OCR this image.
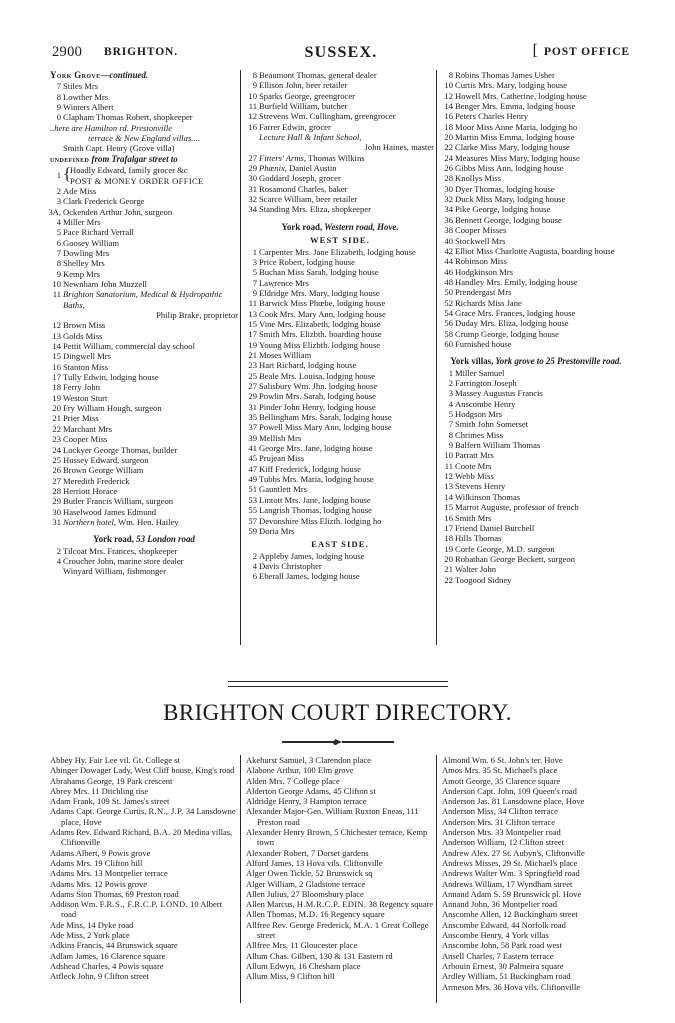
2900 BRIGHTON.	SUSSEX.	[ POST OFFICE
York Grove—continued.
7 Stiles Mrs
8 Lowther Mrs
9 Winters Albert
0 Clapham Thomas Robert, shopkeeper
..here are Hamilton rd. Prestonville
terrace & New England villas....
Smith Capt. Henry (Grove villa)
undefined from Trafalgar street to
1 {
Hoadly Edward, family grocer &c
POST & MONEY ORDER OFFICE
2 Ade Miss
3 Clark Frederick George
3A, Ockenden Arthur John, surgeon
4 Miller Mrs
5 Pace Richard Verrall
6 Goosey William
7 Dowling Mrs
8 Shelley Mrs
9 Kemp Mrs
10 Newnham John Muzzell
11 Brighton Sanatorium, Medical & Hydropathic Baths,
Philip Brake, proprietor
12 Brown Miss
13 Golds Miss
14 Pettit William, commercial day school
15 Dingwell Mrs
16 Stanton Miss
17 Tully Edwin, lodging house
18 Ferry John
19 Weston Sturt
20 Fry William Hough, surgeon
21 Prier Miss
22 Marchant Mrs
23 Cooper Miss
24 Lockyer George Thomas, builder
25 Hussey Edward, surgeon
26 Brown George William
27 Meredith Frederick
28 Herriott Horace
29 Butler Francis William, surgeon
30 Haselwood James Edmund
31 Northern hotel, Wm. Hen. Hailey
York road, 53 London road
2 Tilcoat Mrs. Frances, shopkeeper
4 Croucher John, marine store dealer
Winyard William, fishmonger
8 Beaumont Thomas, general dealer
9 Ellison John, beer retailer
10 Sparks George, greengrocer
11 Burfield William, butcher
12 Strevens Wm. Cullingham, greengrocer
16 Farrer Edwin, grocer
Lecture Hall & Infant School,
John Haines, master
27 Fitters' Arms, Thomas Wilkins
29 Phœnix, Daniel Austin
30 Goddard Joseph, grocer
31 Rosamond Charles, baker
32 Scarce William, beer retailer
34 Standing Mrs. Eliza, shopkeeper
York road, Western road, Hove.
WEST SIDE.
1 Carpenter Mrs. Jane Elizabeth, lodging house
3 Price Robert, lodging house
5 Buchan Miss Sarah, lodging house
7 Lawrence Mrs
9 Eldridge Mrs. Mary, lodging house
11 Barwick Miss Phœbe, lodging house
13 Cook Mrs. Mary Ann, lodging house
15 Vine Mrs. Elizabeth, lodging house
17 Smith Mrs. Elizbth. boarding house
19 Young Miss Elizbth. lodging house
21 Moses William
23 Hart Richard, lodging house
25 Beale Mrs. Louisa, lodging house
27 Salisbury Wm. Jhn. lodging house
29 Powlin Mrs. Sarah, lodging house
31 Pinder John Henry, lodging house
35 Bellingham Mrs. Sarah, lodging house
37 Powell Miss Mary Ann, lodging house
39 Mellish Mrs
41 George Mrs. Jane, lodging house
45 Prujean Miss
47 Kiff Frederick, lodging house
49 Tubbs Mrs. Maria, lodging house
51 Gauntlett Mrs
53 Lintott Mrs. Jane, lodging house
55 Langrish Thomas, lodging house
57 Devonshire Miss Elizth. lodging ho
59 Doria Mrs
EAST SIDE.
2 Appleby James, lodging house
4 Davis Christopher
6 Eberall James, lodging house
8 Robins Thomas James Usher
10 Curtis Mrs. Mary, lodging house
12 Howell Mrs. Catherine, lodging house
14 Benger Mrs. Emma, lodging house
16 Peters Charles Henry
18 Moor Miss Anne Maria, lodging ho
20 Martin Miss Emma, lodging house
22 Clarke Miss Mary, lodging house
24 Measures Miss Mary, lodging house
26 Gibbs Miss Ann, lodging house
28 Knollys Miss
30 Dyer Thomas, lodging house
32 Duck Miss Mary, lodging house
34 Pike George, lodging house
36 Bennett George, lodging house
38 Cooper Misses
40 Stockwell Mrs
42 Elliot Miss Charlotte Augusta, boarding house
44 Robinson Miss
46 Hodgkinson Mrs
48 Handley Mrs. Emily, lodging house
50 Prendergast Mrs
52 Richards Miss Jane
54 Grace Mrs. Frances, lodging house
56 Duday Mrs. Eliza, lodging house
58 Crump George, lodging house
60 Furnished house
York villas, York grove to 25 Prestonville road.
1 Miller Samuel
2 Farrington Joseph
3 Massey Augustus Francis
4 Anscombe Henry
5 Hodgson Mrs
7 Smith John Somerset
8 Chrimes Miss
9 Balfern William Thomas
10 Parratt Mrs
11 Coote Mrs
12 Webb Miss
13 Stevens Henry
14 Wilkinson Thomas
15 Marrot Auguste, professor of french
16 Smith Mrs
17 Friend Daniel Burchell
18 Hills Thomas
19 Corfe George, M.D. surgeon
20 Robathan George Beckett, surgeon
21 Walter John
22 Toogood Sidney
BRIGHTON COURT DIRECTORY.
Abbey Hy. Fair Lee vil. Gt. College st
Abinger Dowager Lady, West Cliff house, King's road
Abrahams George, 19 Park crescent
Abrey Mrs. 11 Ditchling rise
Adam Frank, 109 St. James's street
Adams Capt. George Curtis, R.N., J.P. 34 Lansdowne place, Hove
Adams Rev. Edward Richard, B.A. 20 Medina villas, Cliftonville
Adams Albert, 9 Powis grove
Adams Mrs. 19 Clifton hill
Adams Mrs. 13 Montpelier terrace
Adams Mrs. 12 Powis grove
Adams Sion Thomas, 69 Preston road
Addison Wm. F.R.S., F.R.C.P. LOND. 10 Albert road
Ade Miss, 14 Dyke road
Ade Miss, 2 York place
Adkins Francis, 44 Brunswick square
Adlam James, 16 Clarence square
Adshead Charles, 4 Powis square
Atfleck John, 9 Clifton street
Akehurst Samuel, 3 Clarendon place
Alabone Arthur, 100 Elm grove
Alden Mrs. 7 College place
Alderton George Adams, 45 Clifton st
Aldridge Henry, 3 Hampton terrace
Alexander Major-Gen. William Ruxton Eneas, 111 Preston road
Alexander Henry Brown, 5 Chichester terrace, Kemp town
Alexander Robert, 7 Dorset gardens
Alford James, 13 Hova vils. Cliftonville
Alger Owen Tickle, 52 Brunswick sq
Alger William, 2 Gladstone terrace
Allen Julius, 27 Bloomsbury place
Allen Marcus, H.M.R.C.P. EDIN. 38 Regency square
Allen Thomas, M.D. 16 Regency square
Allfree Rev. George Frederick, M.A. 1 Great College street
Allfree Mrs. 11 Gloucester place
Allum Chas. Gilbert, 130 & 131 Eastern rd
Allum Edwyn, 16 Chesham place
Allum Miss, 9 Clifton hill
Almond Wm. 6 St. John's ter. Hove
Amos Mrs. 35 St. Michael's place
Amott George, 35 Clarence square
Anderson Capt. John, 109 Queen's road
Anderson Jas. 81 Lansdowne place, Hove
Anderson Miss, 34 Clifton terrace
Anderson Mrs. 31 Clifton terrace
Anderson Mrs. 33 Montpelier road
Anderson William, 12 Clifton street
Andrew Alex. 27 St. Aubyn's, Cliftonville
Andrews Misses, 29 St. Michael's place
Andrews Walter Wm. 3 Springfield road
Andrews William, 17 Wyndham street
Annand Adam S. 59 Brunswick pl. Hove
Annand John, 36 Montpelier road
Anscombe Allen, 12 Buckingham street
Anscombe Edward, 44 Norfolk road
Anscombe Henry, 4 York villas
Anscombe John, 58 Park road west
Ansell Charles, 7 Eastern terrace
Arbouin Ernest, 30 Palmeira square
Ardley William, 51 Buckingham road
Armeson Mrs. 36 Hova vils. Cliftonville
